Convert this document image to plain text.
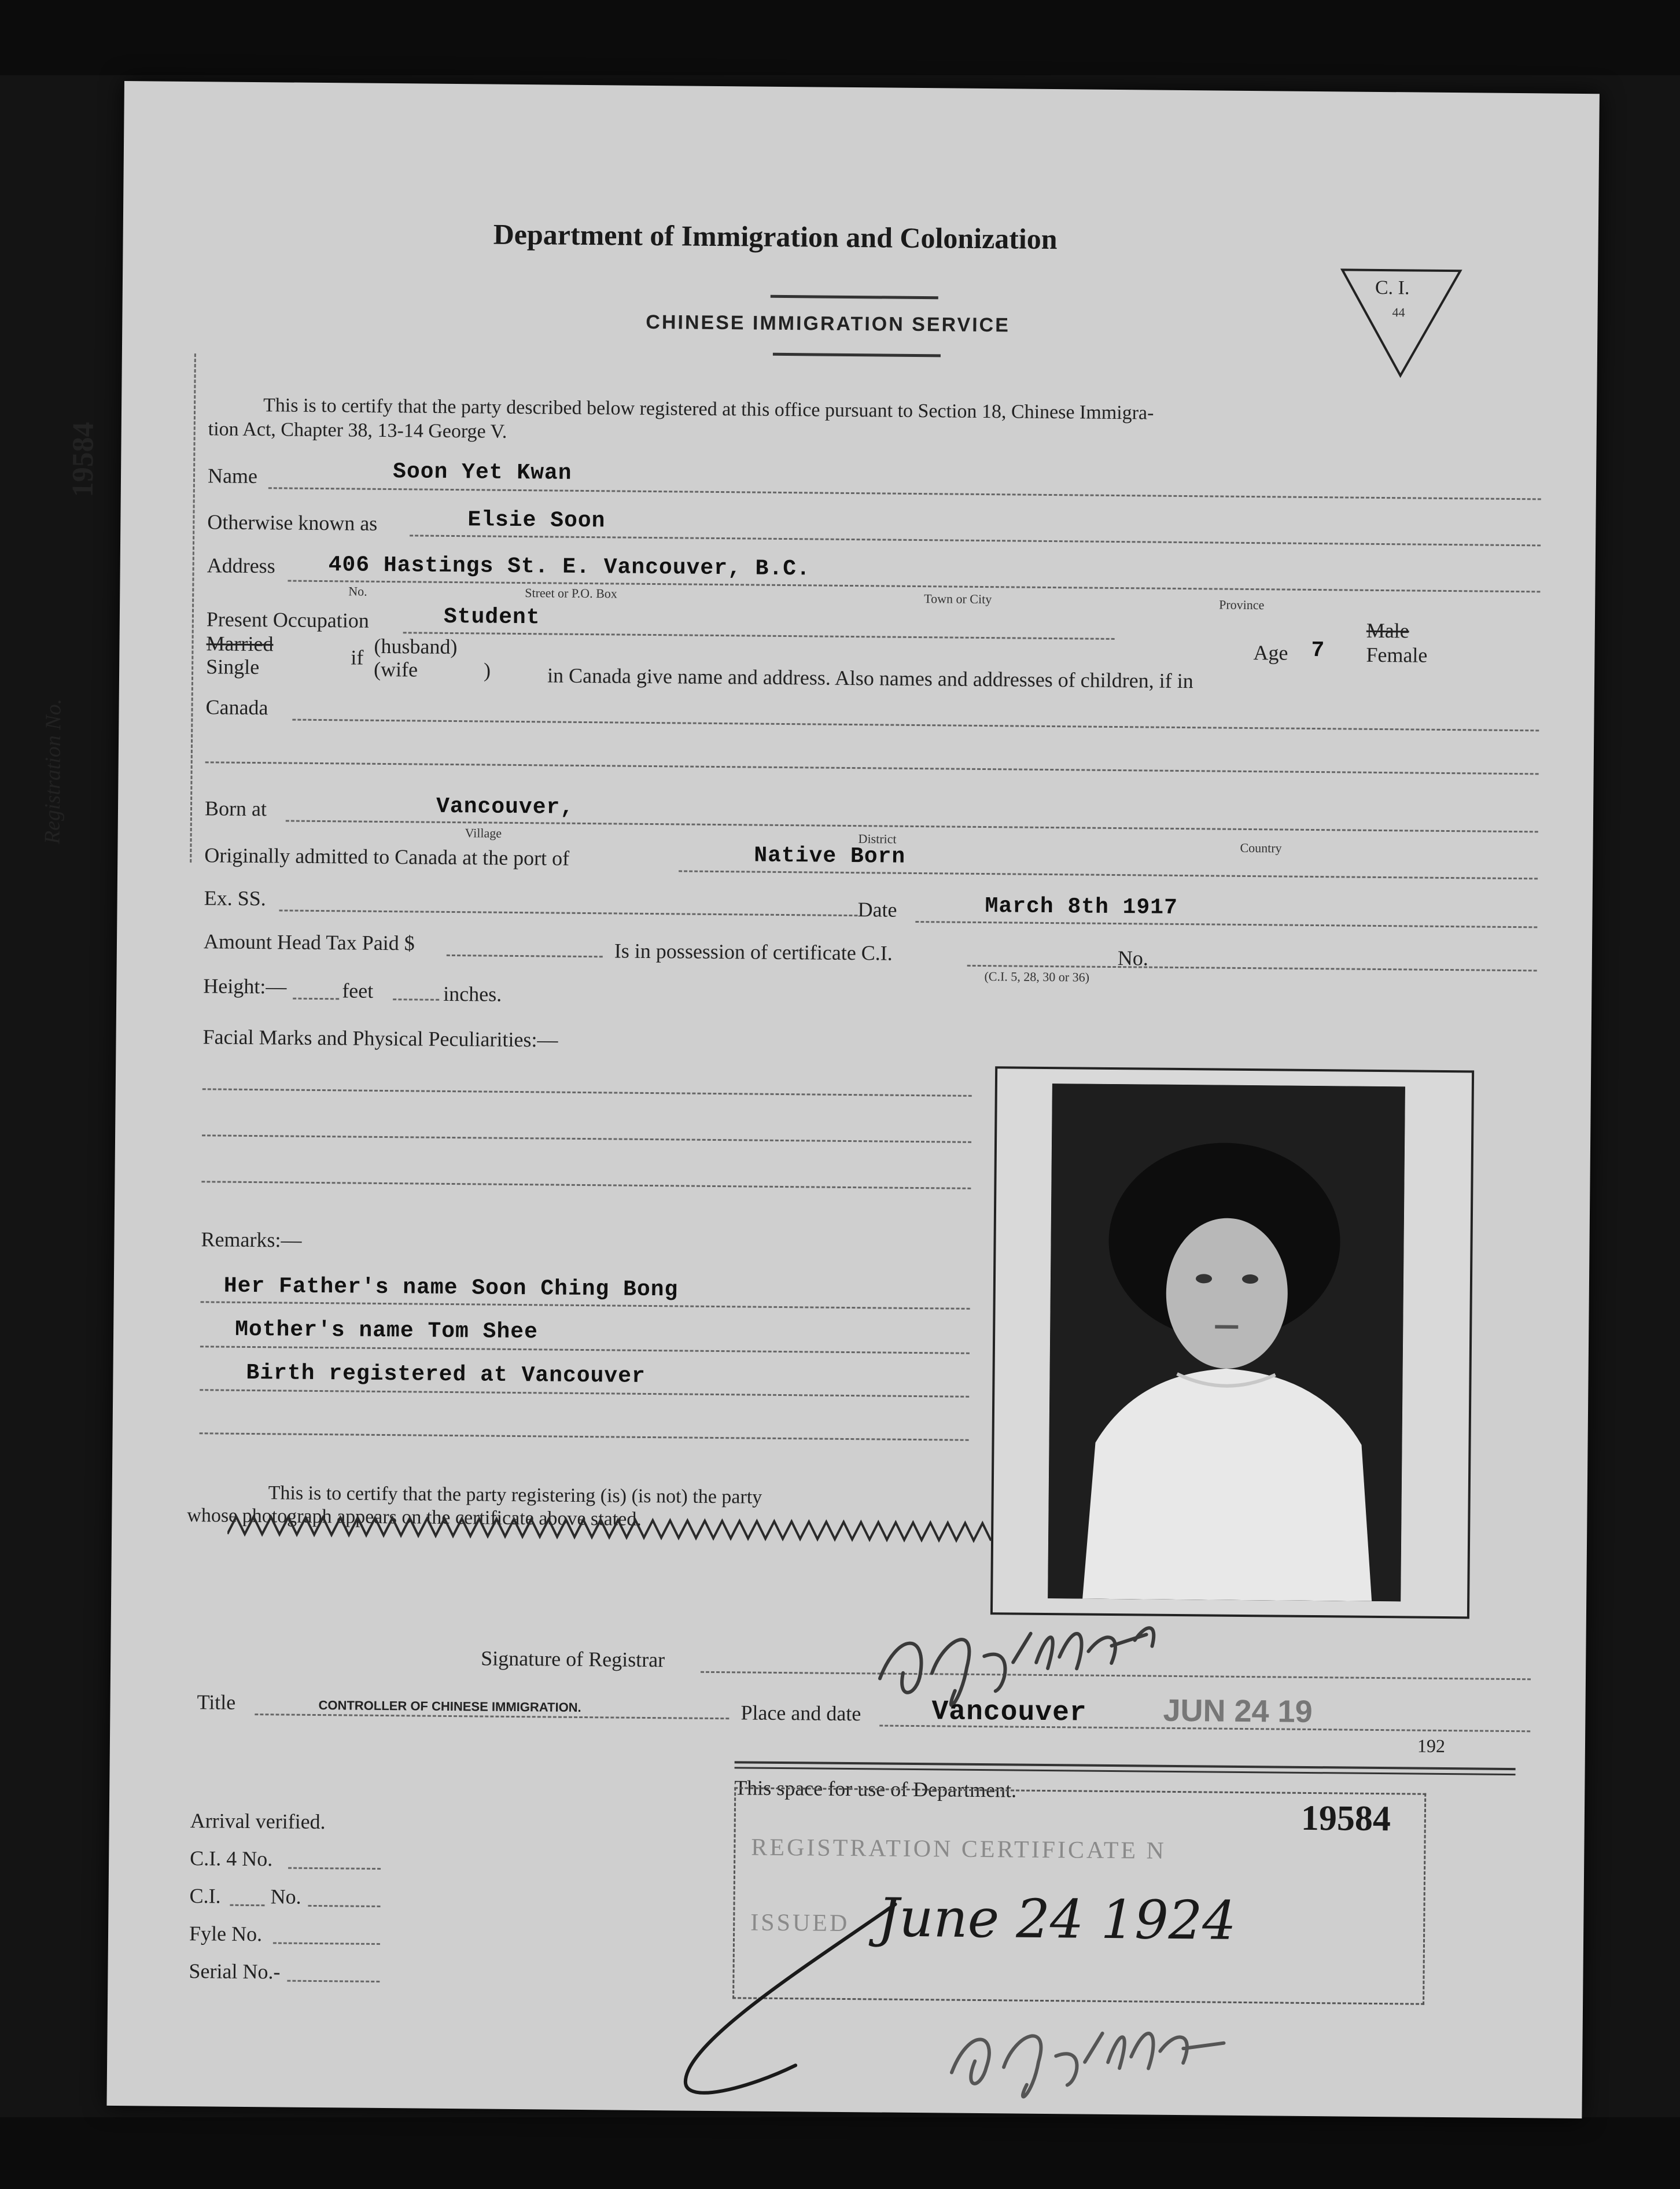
Department of Immigration and Colonization
CHINESE IMMIGRATION SERVICE
C. I.
44
19584
Registration No.
This is to certify that the party described below registered at this office pursuant to Section 18, Chinese Immigra-
tion Act, Chapter 38, 13-14 George V.
Name	Soon Yet Kwan
Otherwise known as	Elsie Soon
Address 406 Hastings St. E. Vancouver, B.C.
No.	Street or P.O. Box	Town or City	Province
Present Occupation	Student
Age 7
Male
Female
Married
Single	if (husband)
(wife	)	in Canada give name and address. Also names and addresses of children, if in
Canada
Born at	Vancouver,
Village	District
Country
Originally admitted to Canada at the port of	Native Born
Ex. SS.	Date	March 8th 1917
Amount Head Tax Paid $	Is in possession of certificate C.I.	No.
(C.I. 5, 28, 30 or 36)
Height:—	feet	inches.
Facial Marks and Physical Peculiarities:—
Remarks:—
Her Father's name Soon Ching Bong
Mother's name Tom Shee
Birth registered at Vancouver
This is to certify that the party registering (is) (is not) the party
whose photograph appears on the certificate above stated.
Signature of Registrar
Title	CONTROLLER OF CHINESE IMMIGRATION.	Place and date	Vancouver JUN 24 19
192
This space for use of Department.
19584
REGISTRATION CERTIFICATE N
ISSUED June 24 1924
Arrival verified.
C.I. 4 No.
C.I. No.
Fyle No.
Serial No.-
